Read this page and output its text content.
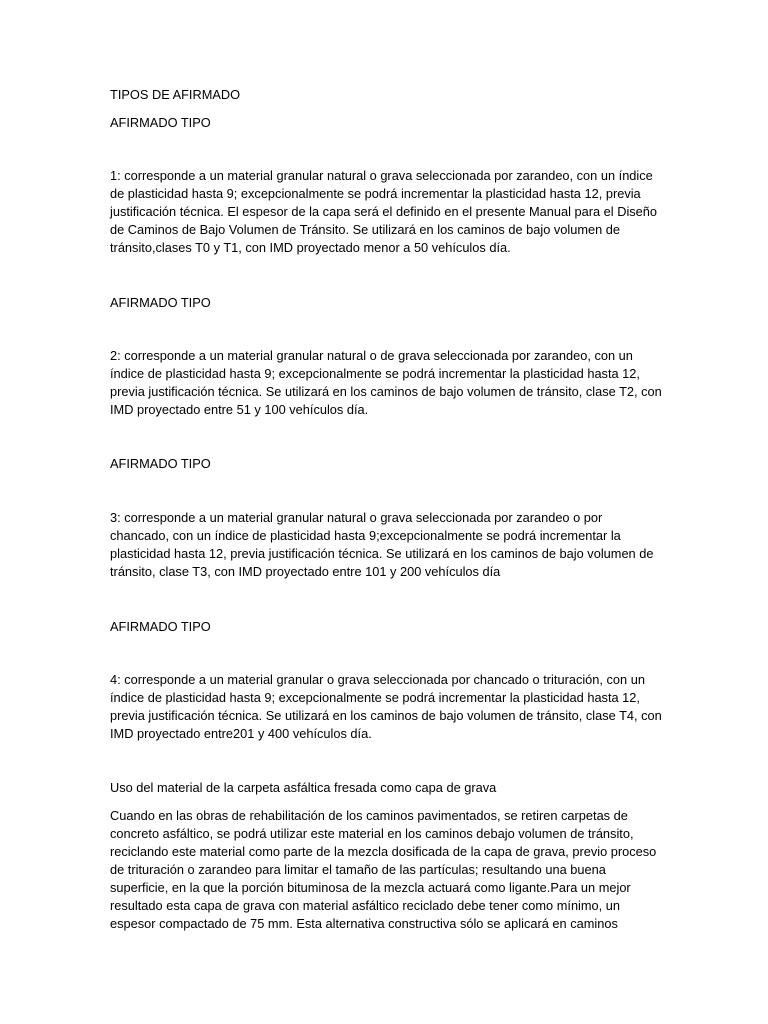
TIPOS DE AFIRMADO

AFIRMADO TIPO

1: corresponde a un material granular natural o grava seleccionada por zarandeo, con un índice de plasticidad hasta 9; excepcionalmente se podrá incrementar la plasticidad hasta 12, previa justificación técnica. El espesor de la capa será el definido en el presente Manual para el Diseño de Caminos de Bajo Volumen de Tránsito. Se utilizará en los caminos de bajo volumen de tránsito,clases T0 y T1, con IMD proyectado menor a 50 vehículos día.

AFIRMADO TIPO

2: corresponde a un material granular natural o de grava seleccionada por zarandeo, con un índice de plasticidad hasta 9; excepcionalmente se podrá incrementar la plasticidad hasta 12, previa justificación técnica. Se utilizará en los caminos de bajo volumen de tránsito, clase T2, con IMD proyectado entre 51 y 100 vehículos día.

AFIRMADO TIPO

3: corresponde a un material granular natural o grava seleccionada por zarandeo o por chancado, con un índice de plasticidad hasta 9;excepcionalmente se podrá incrementar la plasticidad hasta 12, previa justificación técnica. Se utilizará en los caminos de bajo volumen de tránsito, clase T3, con IMD proyectado entre 101 y 200 vehículos día

AFIRMADO TIPO

4: corresponde a un material granular o grava seleccionada por chancado o trituración, con un índice de plasticidad hasta 9; excepcionalmente se podrá incrementar la plasticidad hasta 12, previa justificación técnica. Se utilizará en los caminos de bajo volumen de tránsito, clase T4, con IMD proyectado entre201 y 400 vehículos día.

Uso del material de la carpeta asfáltica fresada como capa de grava

Cuando en las obras de rehabilitación de los caminos pavimentados, se retiren carpetas de concreto asfáltico, se podrá utilizar este material en los caminos debajo volumen de tránsito, reciclando este material como parte de la mezcla dosificada de la capa de grava, previo proceso de trituración o zarandeo para limitar el tamaño de las partículas; resultando una buena superficie, en la que la porción bituminosa de la mezcla actuará como ligante.Para un mejor resultado esta capa de grava con material asfáltico reciclado debe tener como mínimo, un espesor compactado de 75 mm. Esta alternativa constructiva sólo se aplicará en caminos
